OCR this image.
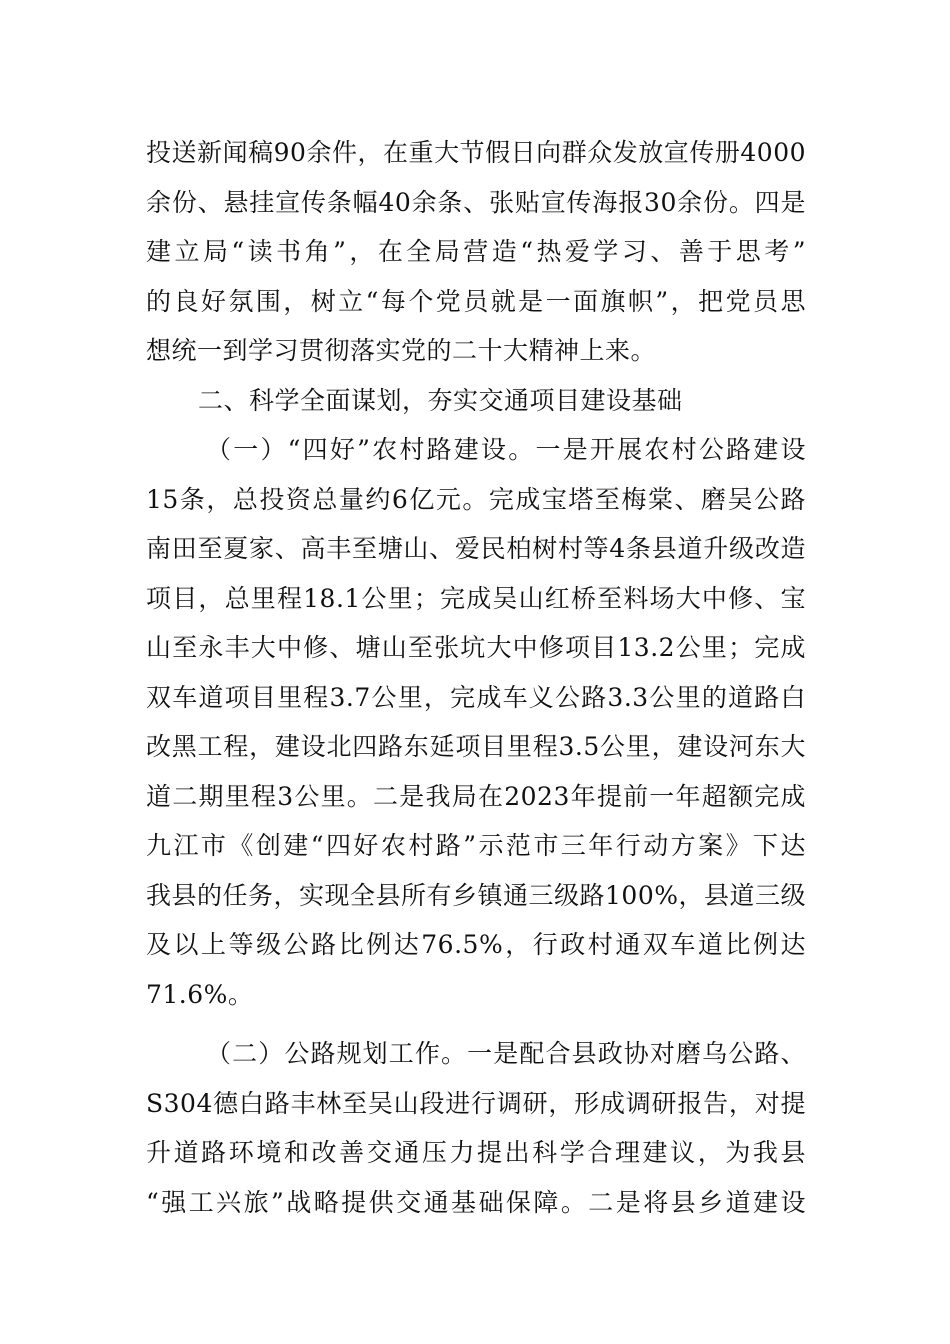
投送新闻稿90余件，在重大节假日向群众发放宣传册4000
余份、悬挂宣传条幅40余条、张贴宣传海报30余份。四是
建立局“读书角”，在全局营造“热爱学习、善于思考”
的良好氛围，树立“每个党员就是一面旗帜”，把党员思
想统一到学习贯彻落实党的二十大精神上来。
二、科学全面谋划，夯实交通项目建设基础
（一）“四好”农村路建设。一是开展农村公路建设
15条，总投资总量约6亿元。完成宝塔至梅棠、磨吴公路
南田至夏家、高丰至塘山、爱民柏树村等4条县道升级改造
项目，总里程18.1公里；完成吴山红桥至料场大中修、宝
山至永丰大中修、塘山至张坑大中修项目13.2公里；完成
双车道项目里程3.7公里，完成车义公路3.3公里的道路白
改黑工程，建设北四路东延项目里程3.5公里，建设河东大
道二期里程3公里。二是我局在2023年提前一年超额完成
九江市《创建“四好农村路”示范市三年行动方案》下达
我县的任务，实现全县所有乡镇通三级路100%，县道三级
及以上等级公路比例达76.5%，行政村通双车道比例达
71.6%。
（二）公路规划工作。一是配合县政协对磨乌公路、
S304德白路丰林至吴山段进行调研，形成调研报告，对提
升道路环境和改善交通压力提出科学合理建议，为我县
“强工兴旅”战略提供交通基础保障。二是将县乡道建设
